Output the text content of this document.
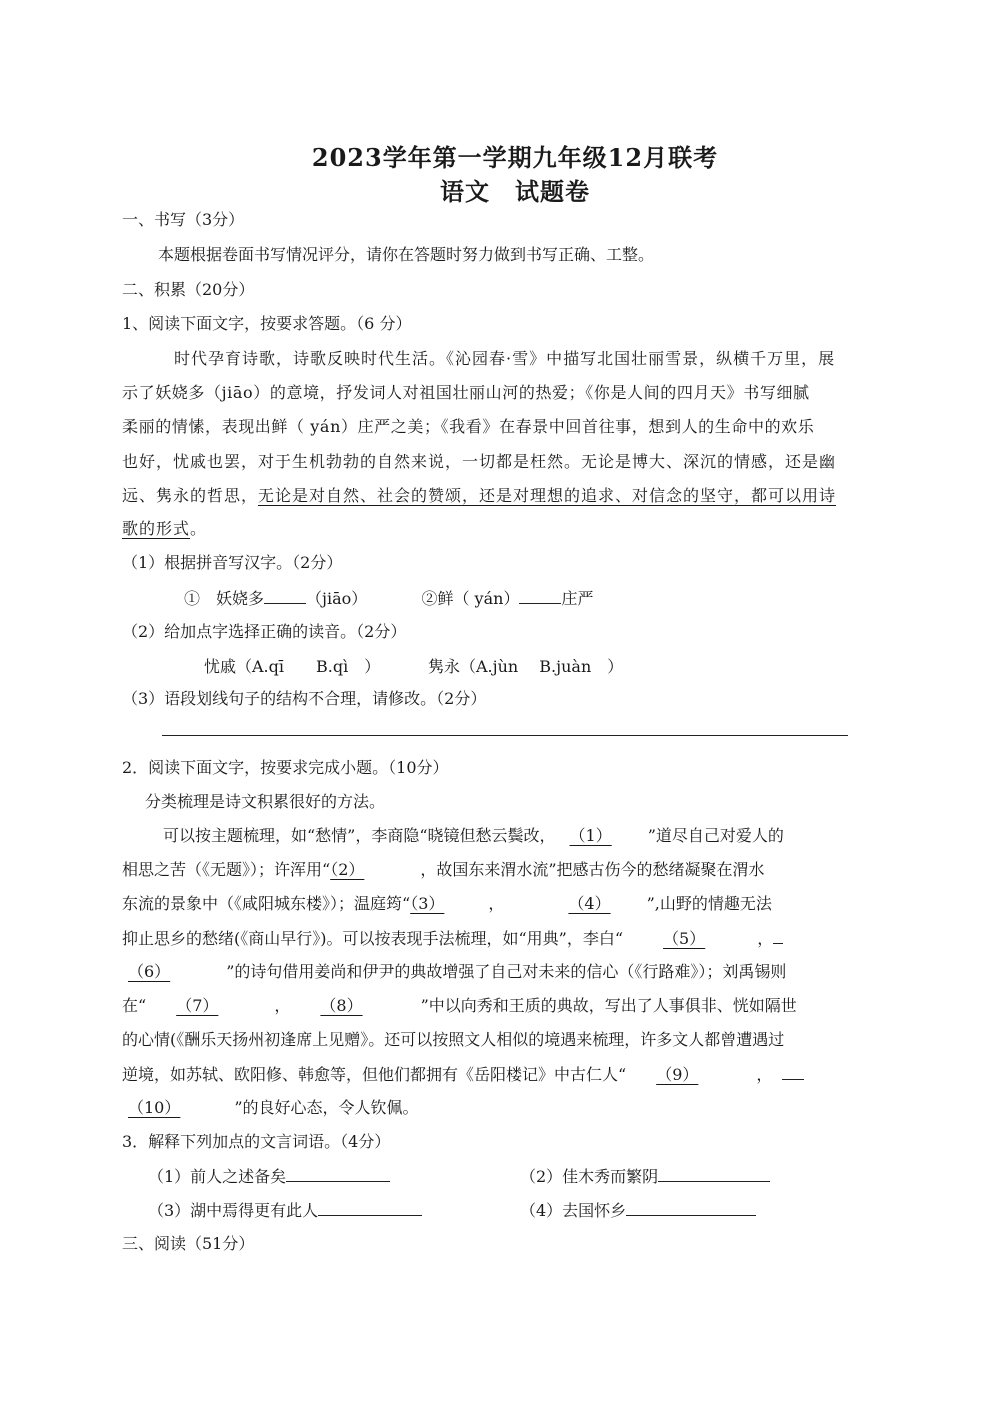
2023学年第一学期九年级12月联考
语文　试题卷
一、书写（3分）
本题根据卷面书写情况评分，请你在答题时努力做到书写正确、工整。
二、积累（20分）
1、阅读下面文字，按要求答题。（6 分）
时代孕育诗歌，诗歌反映时代生活。《沁园春·雪》中描写北国壮丽雪景，纵横千万里，展
示了妖娆多（jiāo）的意境，抒发词人对祖国壮丽山河的热爱；《你是人间的四月天》书写细腻
柔丽的情愫，表现出鲜（ yán）庄严之美；《我看》在春景中回首往事，想到人的生命中的欢乐
也好，忧戚也罢，对于生机勃勃的自然来说，一切都是枉然。无论是博大、深沉的情感，还是幽
远、隽永的哲思，无论是对自然、社会的赞颂，还是对理想的追求、对信念的坚守，都可以用诗
歌的形式。
（1）根据拼音写汉字。（2分）
①　妖娆多	（jiāo）	②鲜（ yán）	庄严
（2）给加点字选择正确的读音。（2分）
忧戚（A.qī　　B.qì　）	隽永（A.jùn　 B.juàn　）
（3）语段划线句子的结构不合理，请修改。（2分）
2．阅读下面文字，按要求完成小题。（10分）
分类梳理是诗文积累很好的方法。
可以按主题梳理，如“愁情”，李商隐“晓镜但愁云鬓改， （1） ”道尽自己对爱人的
相思之苦（《无题》）；许浑用“（2）	，故国东来渭水流”把感古伤今的愁绪凝聚在渭水
东流的景象中（《咸阳城东楼》）；温庭筠“（3）	，	（4） ”,山野的情趣无法
抑止思乡的愁绪(《商山早行》)。可以按表现手法梳理，如“用典”，李白“	（5）	，
（6）	”的诗句借用姜尚和伊尹的典故增强了自己对未来的信心（《行路难》）；刘禹锡则
在“ （7）	， （8）	”中以向秀和王质的典故，写出了人事俱非、恍如隔世
的心情(《酬乐天扬州初逢席上见赠》。还可以按照文人相似的境遇来梳理，许多文人都曾遭遇过
逆境，如苏轼、欧阳修、韩愈等，但他们都拥有《岳阳楼记》中古仁人“ （9）	，
（10）	”的良好心态，令人钦佩。
3．解释下列加点的文言词语。（4分）
（1）前人之述备矣	（2）佳木秀而繁阴
（3）湖中焉得更有此人	（4）去国怀乡
三、阅读（51分）
